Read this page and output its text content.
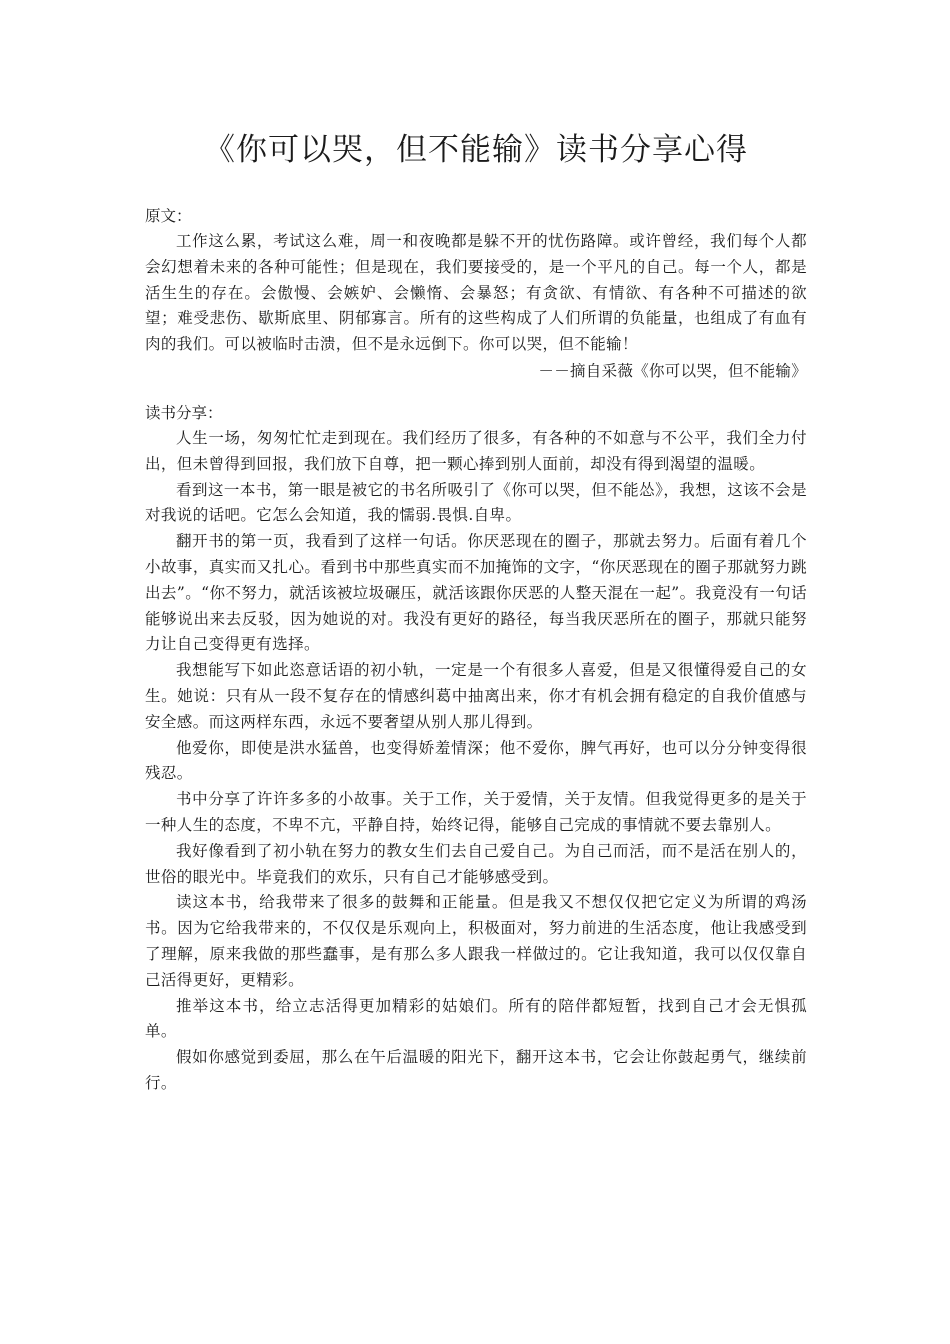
《你可以哭，但不能输》读书分享心得

原文：

工作这么累，考试这么难，周一和夜晚都是躲不开的忧伤路障。或许曾经，我们每个人都会幻想着未来的各种可能性；但是现在，我们要接受的，是一个平凡的自己。每一个人，都是活生生的存在。会傲慢、会嫉妒、会懒惰、会暴怒；有贪欲、有情欲、有各种不可描述的欲望；难受悲伤、歇斯底里、阴郁寡言。所有的这些构成了人们所谓的负能量，也组成了有血有肉的我们。可以被临时击溃，但不是永远倒下。你可以哭，但不能输！

－－摘自采薇《你可以哭，但不能输》

读书分享：

人生一场，匆匆忙忙走到现在。我们经历了很多，有各种的不如意与不公平，我们全力付出，但未曾得到回报，我们放下自尊，把一颗心捧到别人面前，却没有得到渴望的温暖。

看到这一本书，第一眼是被它的书名所吸引了《你可以哭，但不能怂》，我想，这该不会是对我说的话吧。它怎么会知道，我的懦弱.畏惧.自卑。

翻开书的第一页，我看到了这样一句话。你厌恶现在的圈子，那就去努力。后面有着几个小故事，真实而又扎心。看到书中那些真实而不加掩饰的文字，“你厌恶现在的圈子那就努力跳出去”。“你不努力，就活该被垃圾碾压，就活该跟你厌恶的人整天混在一起”。我竟没有一句话能够说出来去反驳，因为她说的对。我没有更好的路径，每当我厌恶所在的圈子，那就只能努力让自己变得更有选择。

我想能写下如此恣意话语的初小轨，一定是一个有很多人喜爱，但是又很懂得爱自己的女生。她说：只有从一段不复存在的情感纠葛中抽离出来，你才有机会拥有稳定的自我价值感与安全感。而这两样东西，永远不要奢望从别人那儿得到。

他爱你，即使是洪水猛兽，也变得娇羞情深；他不爱你，脾气再好，也可以分分钟变得很残忍。

书中分享了许许多多的小故事。关于工作，关于爱情，关于友情。但我觉得更多的是关于一种人生的态度，不卑不亢，平静自持，始终记得，能够自己完成的事情就不要去靠别人。

我好像看到了初小轨在努力的教女生们去自己爱自己。为自己而活，而不是活在别人的，世俗的眼光中。毕竟我们的欢乐，只有自己才能够感受到。

读这本书，给我带来了很多的鼓舞和正能量。但是我又不想仅仅把它定义为所谓的鸡汤书。因为它给我带来的，不仅仅是乐观向上，积极面对，努力前进的生活态度，他让我感受到了理解，原来我做的那些蠢事，是有那么多人跟我一样做过的。它让我知道，我可以仅仅靠自己活得更好，更精彩。

推举这本书，给立志活得更加精彩的姑娘们。所有的陪伴都短暂，找到自己才会无惧孤单。

假如你感觉到委屈，那么在午后温暖的阳光下，翻开这本书，它会让你鼓起勇气，继续前行。
